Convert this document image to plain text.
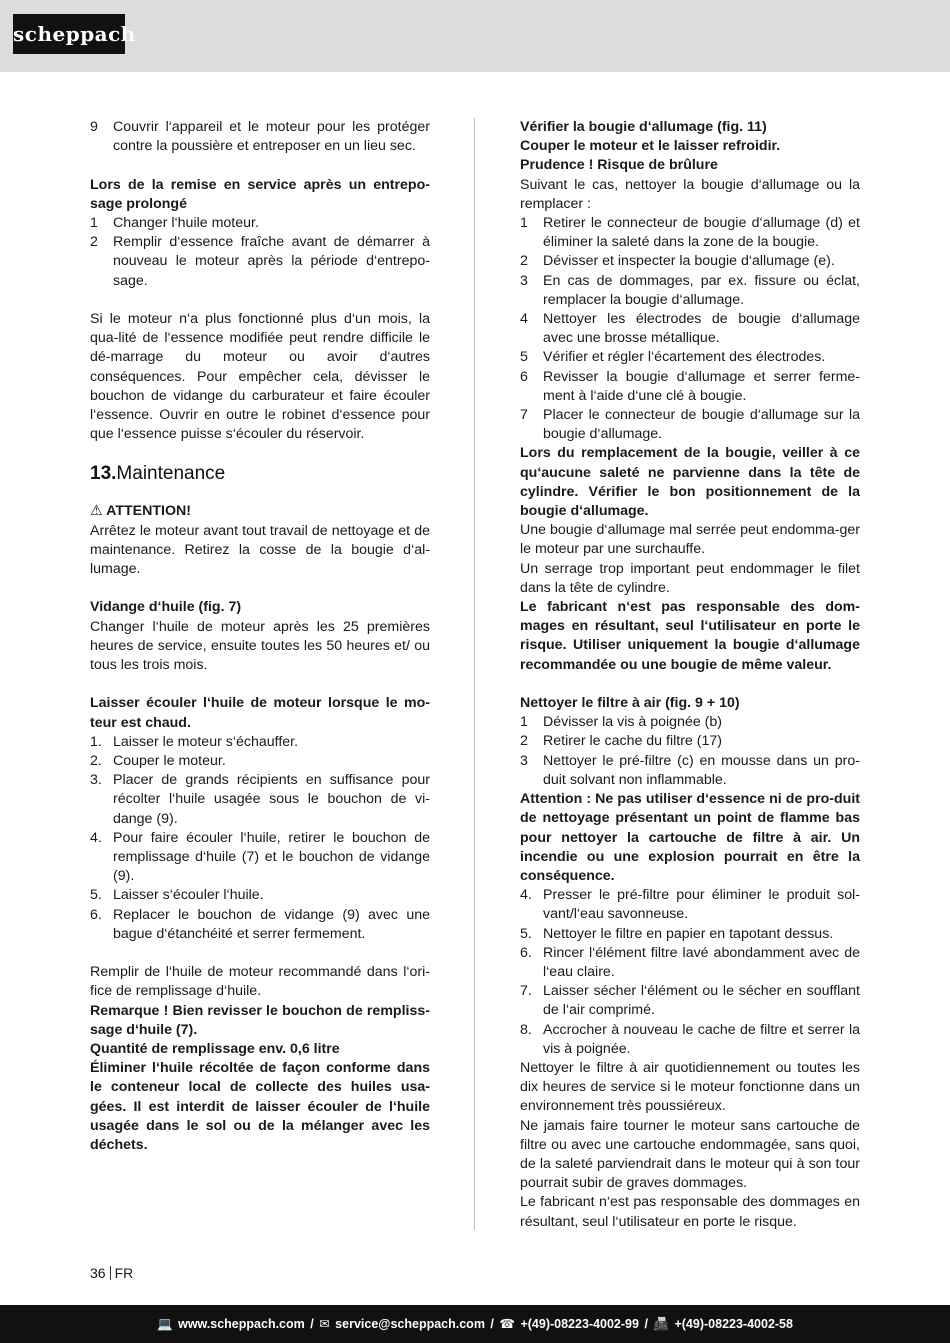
scheppach
9 Couvrir l‘appareil et le moteur pour les protéger contre la poussière et entreposer en un lieu sec.

Lors de la remise en service après un entrepo-sage prolongé

1 Changer l‘huile moteur.
2 Remplir d‘essence fraîche avant de démarrer à nouveau le moteur après la période d‘entrepo-sage.

Si le moteur n‘a plus fonctionné plus d‘un mois, la qua-lité de l‘essence modifiée peut rendre difficile le dé-marrage du moteur ou avoir d‘autres conséquences. Pour empêcher cela, dévisser le bouchon de vidange du carburateur et faire écouler l‘essence. Ouvrir en outre le robinet d‘essence pour que l‘essence puisse s‘écouler du réservoir.

13.Maintenance

⚠ ATTENTION!

Arrêtez le moteur avant tout travail de nettoyage et de maintenance. Retirez la cosse de la bougie d‘al-lumage.

Vidange d‘huile (fig. 7)

Changer l‘huile de moteur après les 25 premières heures de service, ensuite toutes les 50 heures et/ ou tous les trois mois.

Laisser écouler l‘huile de moteur lorsque le mo-teur est chaud.

1. Laisser le moteur s‘échauffer.
2. Couper le moteur.
3. Placer de grands récipients en suffisance pour récolter l‘huile usagée sous le bouchon de vi-dange (9).
4. Pour faire écouler l‘huile, retirer le bouchon de remplissage d‘huile (7) et le bouchon de vidange (9).
5. Laisser s‘écouler l‘huile.
6. Replacer le bouchon de vidange (9) avec une bague d‘étanchéité et serrer fermement.

Remplir de l‘huile de moteur recommandé dans l‘ori-fice de remplissage d‘huile.

Remarque ! Bien revisser le bouchon de rempliss-sage d‘huile (7).

Quantité de remplissage env. 0,6 litre

Éliminer l‘huile récoltée de façon conforme dans le conteneur local de collecte des huiles usa-gées. Il est interdit de laisser écouler de l‘huile usagée dans le sol ou de la mélanger avec les déchets.

Vérifier la bougie d‘allumage (fig. 11)

Couper le moteur et le laisser refroidir.

Prudence ! Risque de brûlure

Suivant le cas, nettoyer la bougie d‘allumage ou la remplacer :

1 Retirer le connecteur de bougie d‘allumage (d) et éliminer la saleté dans la zone de la bougie.
2 Dévisser et inspecter la bougie d‘allumage (e).
3 En cas de dommages, par ex. fissure ou éclat, remplacer la bougie d‘allumage.
4 Nettoyer les électrodes de bougie d‘allumage avec une brosse métallique.
5 Vérifier et régler l‘écartement des électrodes.
6 Revisser la bougie d‘allumage et serrer ferme-ment à l‘aide d‘une clé à bougie.
7 Placer le connecteur de bougie d‘allumage sur la bougie d‘allumage.

Lors du remplacement de la bougie, veiller à ce qu‘aucune saleté ne parvienne dans la tête de cylindre. Vérifier le bon positionnement de la bougie d‘allumage.

Une bougie d‘allumage mal serrée peut endomma-ger le moteur par une surchauffe.

Un serrage trop important peut endommager le filet dans la tête de cylindre.

Le fabricant n‘est pas responsable des dom-mages en résultant, seul l‘utilisateur en porte le risque. Utiliser uniquement la bougie d‘allumage recommandée ou une bougie de même valeur.

Nettoyer le filtre à air (fig. 9 + 10)

1 Dévisser la vis à poignée (b)
2 Retirer le cache du filtre (17)
3 Nettoyer le pré-filtre (c) en mousse dans un pro-duit solvant non inflammable.

Attention : Ne pas utiliser d‘essence ni de pro-duit de nettoyage présentant un point de flamme bas pour nettoyer la cartouche de filtre à air. Un incendie ou une explosion pourrait en être la conséquence.

4. Presser le pré-filtre pour éliminer le produit sol-vant/l‘eau savonneuse.
5. Nettoyer le filtre en papier en tapotant dessus.
6. Rincer l‘élément filtre lavé abondamment avec de l‘eau claire.
7. Laisser sécher l‘élément ou le sécher en soufflant de l‘air comprimé.
8. Accrocher à nouveau le cache de filtre et serrer la vis à poignée.

Nettoyer le filtre à air quotidiennement ou toutes les dix heures de service si le moteur fonctionne dans un environnement très poussiéreux.

Ne jamais faire tourner le moteur sans cartouche de filtre ou avec une cartouche endommagée, sans quoi, de la saleté parviendrait dans le moteur qui à son tour pourrait subir de graves dommages.

Le fabricant n‘est pas responsable des dommages en résultant, seul l‘utilisateur en porte le risque.

36 FR
💻 www.scheppach.com / ✉ service@scheppach.com / ☎ +(49)-08223-4002-99 / 📠 +(49)-08223-4002-58
